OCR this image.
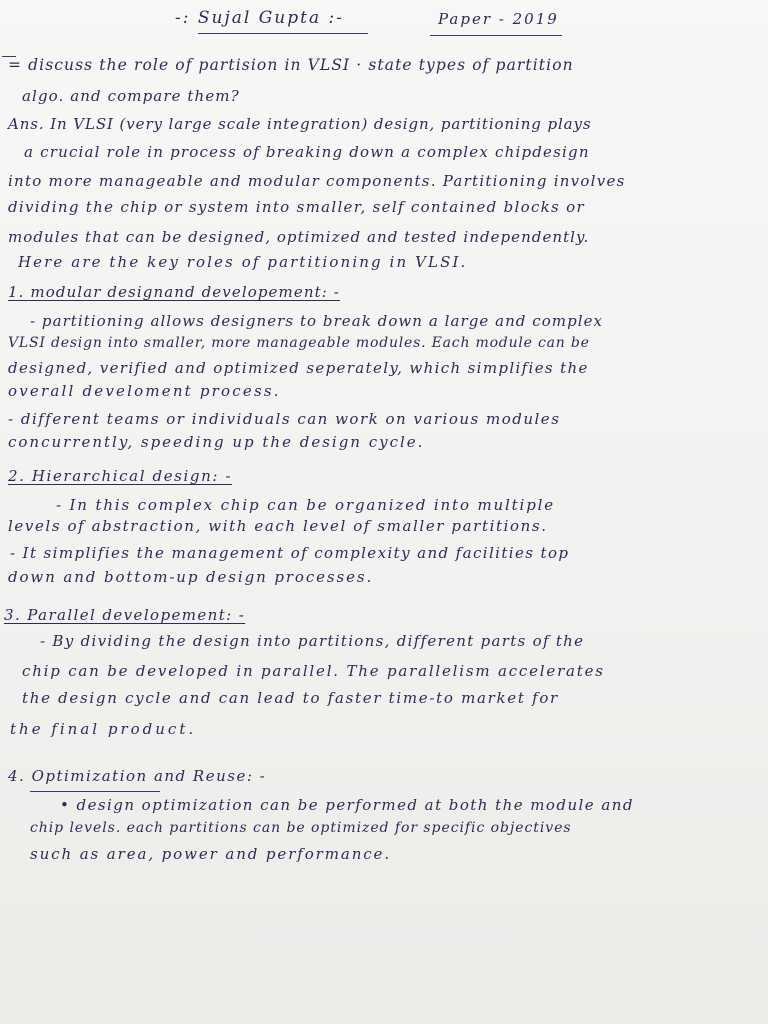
-: Sujal Gupta :-	Paper - 2019
= discuss the role of partision in VLSI · state types of partition
algo. and compare them?
Ans. In VLSI (very large scale integration) design, partitioning plays
a crucial role in process of breaking down a complex chipdesign
into more manageable and modular components. Partitioning involves
dividing the chip or system into smaller, self contained blocks or
modules that can be designed, optimized and tested independently.
Here are the key roles of partitioning in VLSI.
1. modular designand developement: -
- partitioning allows designers to break down a large and complex
VLSI design into smaller, more manageable modules. Each module can be
designed, verified and optimized seperately, which simplifies the
overall develoment process.
- different teams or individuals can work on various modules
concurrently, speeding up the design cycle.
2. Hierarchical design: -
- In this complex chip can be organized into multiple
levels of abstraction, with each level of smaller partitions.
- It simplifies the management of complexity and facilities top
down and bottom-up design processes.
3. Parallel developement: -
- By dividing the design into partitions, different parts of the
chip can be developed in parallel. The parallelism accelerates
the design cycle and can lead to faster time-to market for
the final product.
4. Optimization and Reuse: -
• design optimization can be performed at both the module and
chip levels. each partitions can be optimized for specific objectives
such as area, power and performance.
